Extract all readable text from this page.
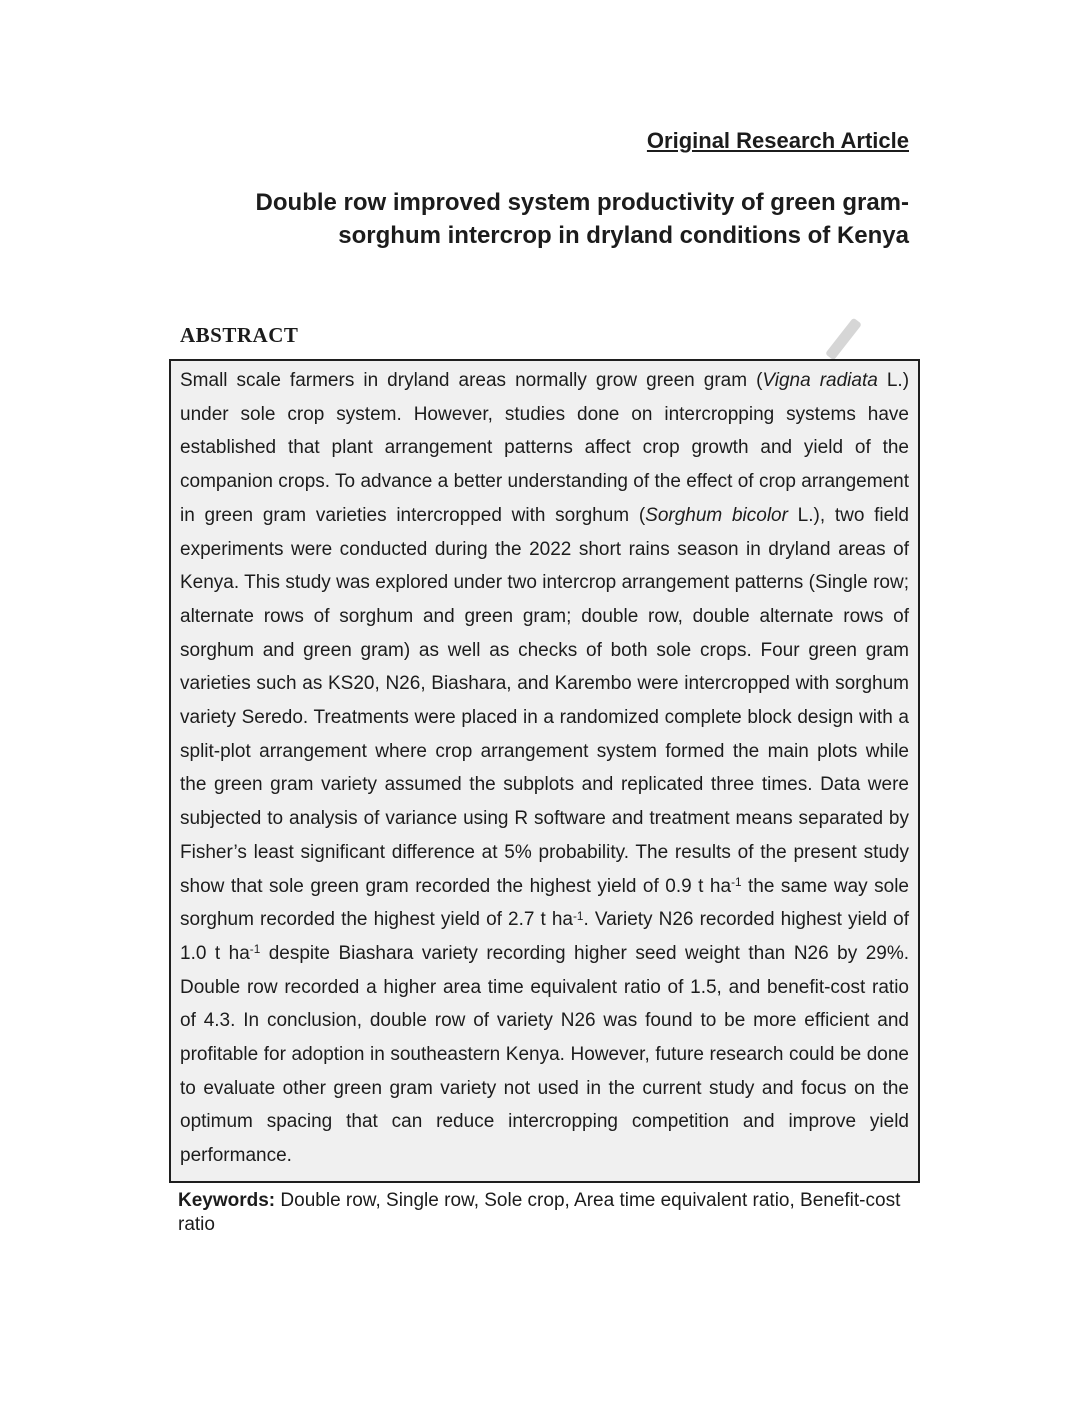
Original Research Article
Double row improved system productivity of green gram-
sorghum intercrop in dryland conditions of Kenya
ABSTRACT

Small scale farmers in dryland areas normally grow green gram (Vigna radiata L.) under sole crop system. However, studies done on intercropping systems have established that plant arrangement patterns affect crop growth and yield of the companion crops. To advance a better understanding of the effect of crop arrangement in green gram varieties intercropped with sorghum (Sorghum bicolor L.), two field experiments were conducted during the 2022 short rains season in dryland areas of Kenya. This study was explored under two intercrop arrangement patterns (Single row; alternate rows of sorghum and green gram; double row, double alternate rows of sorghum and green gram) as well as checks of both sole crops. Four green gram varieties such as KS20, N26, Biashara, and Karembo were intercropped with sorghum variety Seredo. Treatments were placed in a randomized complete block design with a split-plot arrangement where crop arrangement system formed the main plots while the green gram variety assumed the subplots and replicated three times. Data were subjected to analysis of variance using R software and treatment means separated by Fisher’s least significant difference at 5% probability. The results of the present study show that sole green gram recorded the highest yield of 0.9 t $ha^{-1}$ the same way sole sorghum recorded the highest yield of 2.7 t $ha^{-1}$. Variety N26 recorded highest yield of 1.0 t $ha^{-1}$ despite Biashara variety recording higher seed weight than N26 by 29%. Double row recorded a higher area time equivalent ratio of 1.5, and benefit-cost ratio of 4.3. In conclusion, double row of variety N26 was found to be more efficient and profitable for adoption in southeastern Kenya. However, future research could be done to evaluate other green gram variety not used in the current study and focus on the optimum spacing that can reduce intercropping competition and improve yield performance.

Keywords: Double row, Single row, Sole crop, Area time equivalent ratio, Benefit-cost ratio
